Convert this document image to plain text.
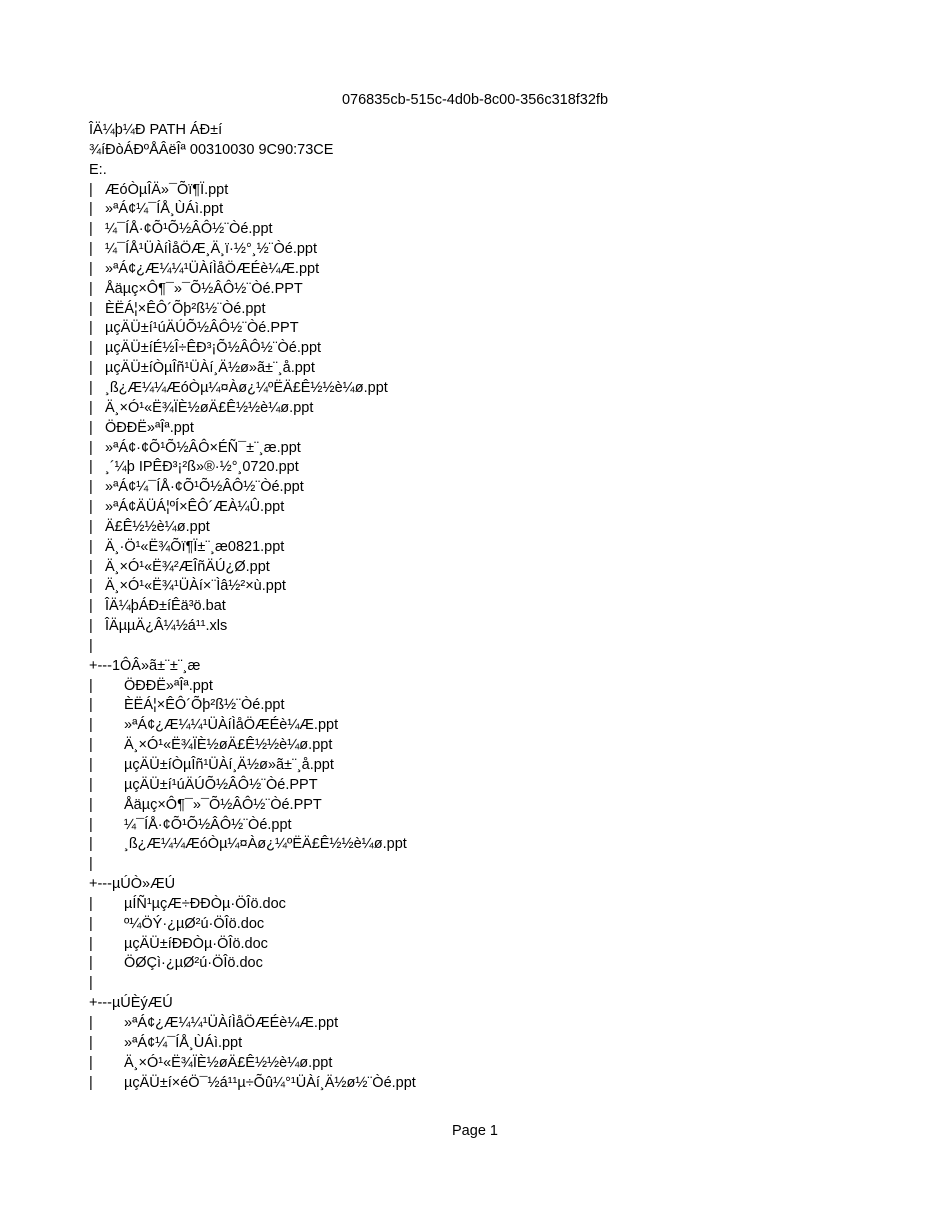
076835cb-515c-4d0b-8c00-356c318f32fb
ÎÄ¼þ¼Ð PATH ÁÐ±í
¾íÐòÁÐºÅÂëÎª 00310030 9C90:73CE
E:.
| ÆóÒµÎÄ»¯Õï¶Ï.ppt
| »ªÁ¢¼¯ÍÅ¸ÙÁì.ppt
| ¼¯ÍÅ·¢Õ¹Õ½ÂÔ½¨Òé.ppt
| ¼¯ÍÅ¹ÜÀíÌåÖÆ¸Ä¸ï·½°¸½¨Òé.ppt
| »ªÁ¢¿Æ¼¼¹ÜÀíÌåÖÆÉè¼Æ.ppt
| Åäµç×Ô¶¯»¯Õ½ÂÔ½¨Òé.PPT
| ÈËÁ¦×ÊÔ´Õþ²ß½¨Òé.ppt
| µçÄÜ±í¹úÄÚÕ½ÂÔ½¨Òé.PPT
| µçÄÜ±íÉ½Î÷ÊÐ³¡Õ½ÂÔ½¨Òé.ppt
| µçÄÜ±íÒµÎñ¹ÜÀí¸Ä½ø»ã±¨¸å.ppt
| ¸ß¿Æ¼¼ÆóÒµ¼¤Àø¿¼ºËÄ£Ê½½è¼ø.ppt
| Ä¸×Ó¹«Ë¾ÏÈ½øÄ£Ê½½è¼ø.ppt
| ÖÐÐË»ªÎª.ppt
| »ªÁ¢·¢Õ¹Õ½ÂÔ×ÉÑ¯±¨¸æ.ppt
| ¸´¼þ IPÊÐ³¡²ß»®·½°¸0720.ppt
| »ªÁ¢¼¯ÍÅ·¢Õ¹Õ½ÂÔ½¨Òé.ppt
| »ªÁ¢ÄÜÁ¦ºÍ×ÊÔ´ÆÀ¼Û.ppt
| Ä£Ê½½è¼ø.ppt
| Ä¸·Ö¹«Ë¾Õï¶Ï±¨¸æ0821.ppt
| Ä¸×Ó¹«Ë¾²ÆÎñÄÚ¿Ø.ppt
| Ä¸×Ó¹«Ë¾¹ÜÀí×¨Ìâ½²×ù.ppt
| ÎÄ¼þÁÐ±íÊä³ö.bat
| ÎÄµµÄ¿Â¼½á¹¹.xls
|
+---1ÔÂ»ã±¨±¨¸æ
| ÖÐÐË»ªÎª.ppt
| ÈËÁ¦×ÊÔ´Õþ²ß½¨Òé.ppt
| »ªÁ¢¿Æ¼¼¹ÜÀíÌåÖÆÉè¼Æ.ppt
| Ä¸×Ó¹«Ë¾ÏÈ½øÄ£Ê½½è¼ø.ppt
| µçÄÜ±íÒµÎñ¹ÜÀí¸Ä½ø»ã±¨¸å.ppt
| µçÄÜ±í¹úÄÚÕ½ÂÔ½¨Òé.PPT
| Åäµç×Ô¶¯»¯Õ½ÂÔ½¨Òé.PPT
| ¼¯ÍÅ·¢Õ¹Õ½ÂÔ½¨Òé.ppt
| ¸ß¿Æ¼¼ÆóÒµ¼¤Àø¿¼ºËÄ£Ê½½è¼ø.ppt
|
+---µÚÒ»ÆÚ
| µÍÑ¹µçÆ÷ÐÐÒµ·ÖÎö.doc
| º¼ÖÝ·¿µØ²ú·ÖÎö.doc
| µçÄÜ±íÐÐÒµ·ÖÎö.doc
| ÖØÇì·¿µØ²ú·ÖÎö.doc
|
+---µÚÈýÆÚ
| »ªÁ¢¿Æ¼¼¹ÜÀíÌåÖÆÉè¼Æ.ppt
| »ªÁ¢¼¯ÍÅ¸ÙÁì.ppt
| Ä¸×Ó¹«Ë¾ÏÈ½øÄ£Ê½½è¼ø.ppt
| µçÄÜ±í×éÖ¯½á¹¹µ÷Õû¼°¹ÜÀí¸Ä½ø½¨Òé.ppt
Page 1
